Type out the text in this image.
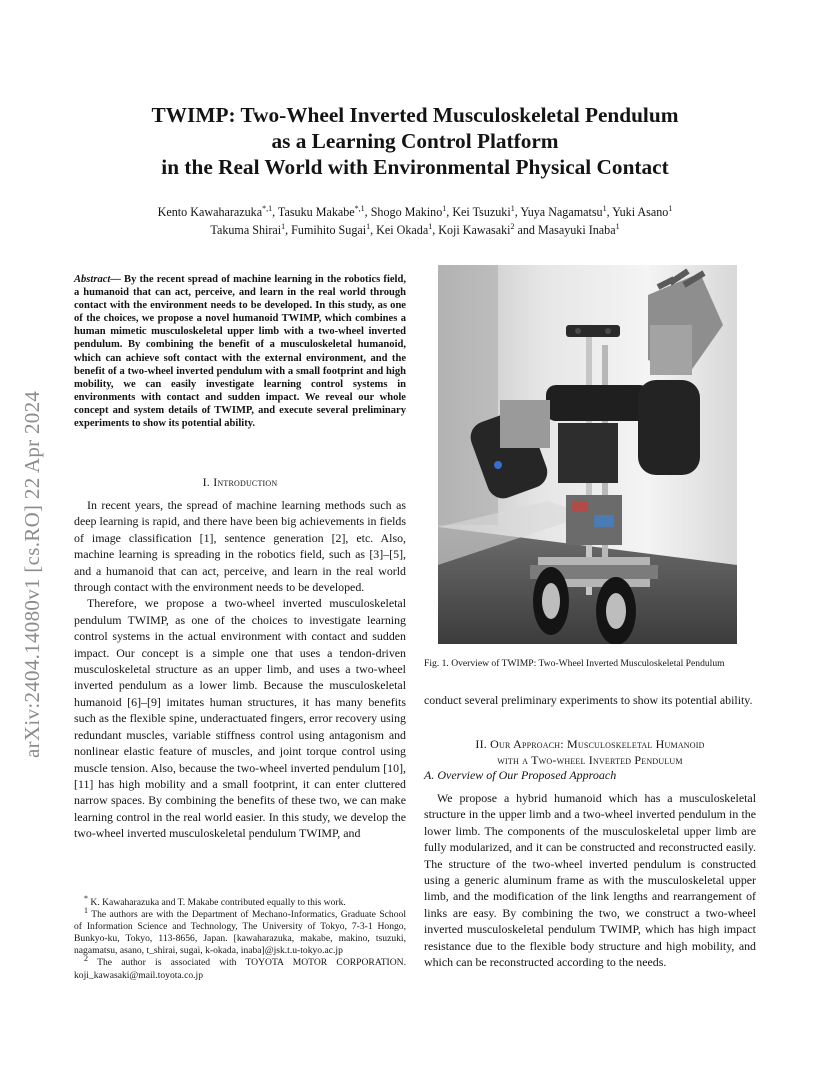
arXiv:2404.14080v1 [cs.RO] 22 Apr 2024
TWIMP: Two-Wheel Inverted Musculoskeletal Pendulum
as a Learning Control Platform
in the Real World with Environmental Physical Contact
Kento Kawaharazuka$^{*,1}$, Tasuku Makabe$^{*,1}$, Shogo Makino$^1$, Kei Tsuzuki$^1$, Yuya Nagamatsu$^1$, Yuki Asano$^1$
Takuma Shirai$^1$, Fumihito Sugai$^1$, Kei Okada$^1$, Koji Kawasaki$^2$ and Masayuki Inaba$^1$
Abstract— By the recent spread of machine learning in the robotics field, a humanoid that can act, perceive, and learn in the real world through contact with the environment needs to be developed. In this study, as one of the choices, we propose a novel humanoid TWIMP, which combines a human mimetic musculoskeletal upper limb with a two-wheel inverted pendulum. By combining the benefit of a musculoskeletal humanoid, which can achieve soft contact with the external environment, and the benefit of a two-wheel inverted pendulum with a small footprint and high mobility, we can easily investigate learning control systems in environments with contact and sudden impact. We reveal our whole concept and system details of TWIMP, and execute several preliminary experiments to show its potential ability.
I. Introduction

In recent years, the spread of machine learning methods such as deep learning is rapid, and there have been big achievements in fields of image classification [1], sentence generation [2], etc. Also, machine learning is spreading in the robotics field, such as [3]–[5], and a humanoid that can act, perceive, and learn in the real world through contact with the environment needs to be developed.

Therefore, we propose a two-wheel inverted musculoskeletal pendulum TWIMP, as one of the choices to investigate learning control systems in the actual environment with contact and sudden impact. Our concept is a simple one that uses a tendon-driven musculoskeletal structure as an upper limb, and uses a two-wheel inverted pendulum as a lower limb. Because the musculoskeletal humanoid [6]–[9] imitates human structures, it has many benefits such as the flexible spine, underactuated fingers, error recovery using redundant muscles, variable stiffness control using antagonism and nonlinear elastic feature of muscles, and joint torque control using muscle tension. Also, because the two-wheel inverted pendulum [10], [11] has high mobility and a small footprint, it can enter cluttered narrow spaces. By combining the benefits of these two, we can make learning control in the real world easier. In this study, we develop the two-wheel inverted musculoskeletal pendulum TWIMP, and

* K. Kawaharazuka and T. Makabe contributed equally to this work.

$^1$ The authors are with the Department of Mechano-Informatics, Graduate School of Information Science and Technology, The University of Tokyo, 7-3-1 Hongo, Bunkyo-ku, Tokyo, 113-8656, Japan. [kawaharazuka, makabe, makino, tsuzuki, nagamatsu, asano, t_shirai, sugai, k-okada, inaba]@jsk.t.u-tokyo.ac.jp

$^2$ The author is associated with TOYOTA MOTOR CORPORATION. koji_kawasaki@mail.toyota.co.jp

Fig. 1. Overview of TWIMP: Two-Wheel Inverted Musculoskeletal Pendulum

conduct several preliminary experiments to show its potential ability.

II. Our Approach: Musculoskeletal Humanoid
with a Two-wheel Inverted Pendulum
A. Overview of Our Proposed Approach

We propose a hybrid humanoid which has a musculoskeletal structure in the upper limb and a two-wheel inverted pendulum in the lower limb. The components of the musculoskeletal upper limb are fully modularized, and it can be constructed and reconstructed easily. The structure of the two-wheel inverted pendulum is constructed using a generic aluminum frame as with the musculoskeletal upper limb, and the modification of the link lengths and rearrangement of links are easy. By combining the two, we construct a two-wheel inverted musculoskeletal pendulum TWIMP, which has high impact resistance due to the flexible body structure and high mobility, and which can be reconstructed according to the needs.
